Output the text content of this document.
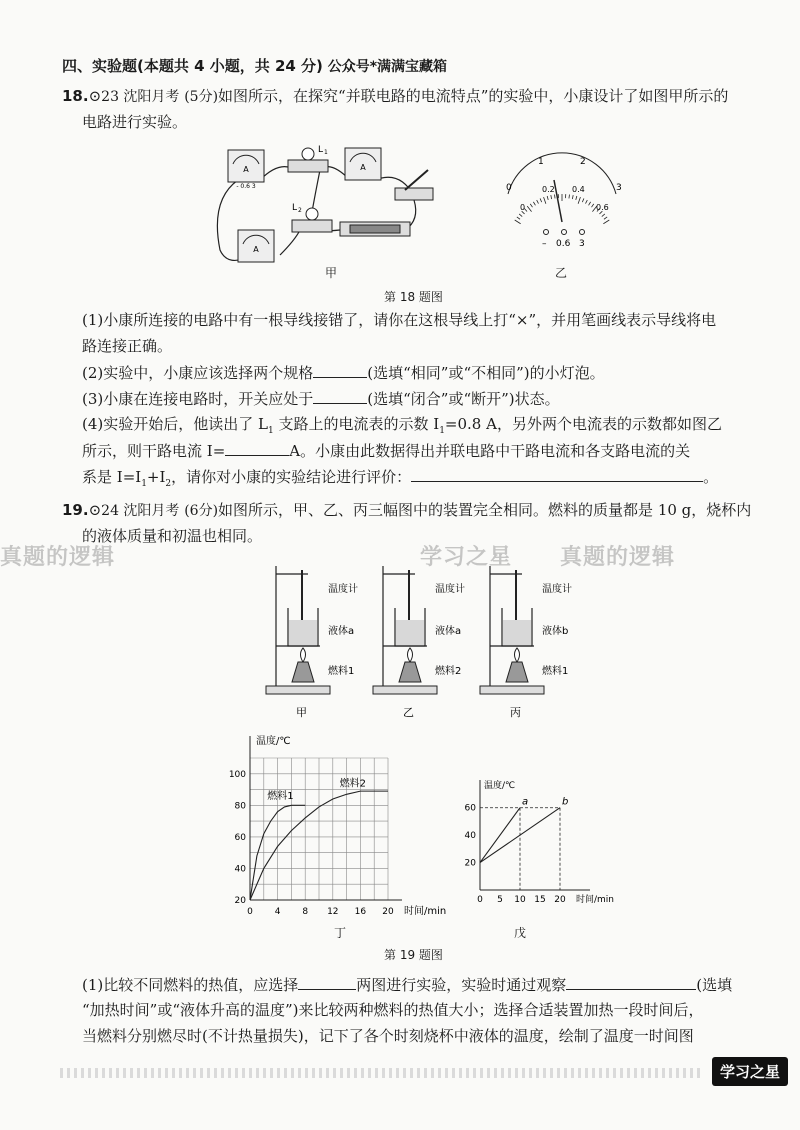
四、实验题(本题共 4 小题，共 24 分) 公众号*满满宝藏箱
18.⊙23 沈阳月考 (5分)如图所示，在探究“并联电路的电流特点”的实验中，小康设计了如图甲所示的
电路进行实验。
A
- 0.6 3
L 1
A
L 2
A
甲
0
1	2
3
0
0.2 0.4
0.6
– 0.6 3
乙
第 18 题图
(1)小康所连接的电路中有一根导线接错了，请你在这根导线上打“×”，并用笔画线表示导线将电
路连接正确。
(2)实验中，小康应该选择两个规格	(选填“相同”或“不相同”)的小灯泡。
(3)小康在连接电路时，开关应处于	(选填“闭合”或“断开”)状态。
(4)实验开始后，他读出了 $L_1$ 支路上的电流表的示数 $I_1=0.8$ A，另外两个电流表的示数都如图乙
所示，则干路电流 I=	A。小康由此数据得出并联电路中干路电流和各支路电流的关
系是 $I=I_1+I_2$，请你对小康的实验结论进行评价：	。
19.⊙24 沈阳月考 (6分)如图所示，甲、乙、丙三幅图中的装置完全相同。燃料的质量都是 10 g，烧杯内
的液体质量和初温也相同。
真题的逻辑	学习之星 真题的逻辑
温度计
液体a
燃料1
甲
温度计
液体a
燃料2
乙
温度计
液体b
燃料1
丙
温度/℃
时间/min
0 4 8 12 16 20
20
40
60
80
100
燃料1
燃料2	温度/℃
时间/min
0 5 10 15 20
20
40
60
a	b
丁	戊
第 19 题图
(1)比较不同燃料的热值，应选择	两图进行实验，实验时通过观察	(选填
“加热时间”或“液体升高的温度”)来比较两种燃料的热值大小；选择合适装置加热一段时间后，
当燃料分别燃尽时(不计热量损失)，记下了各个时刻烧杯中液体的温度，绘制了温度一时间图
学习之星
